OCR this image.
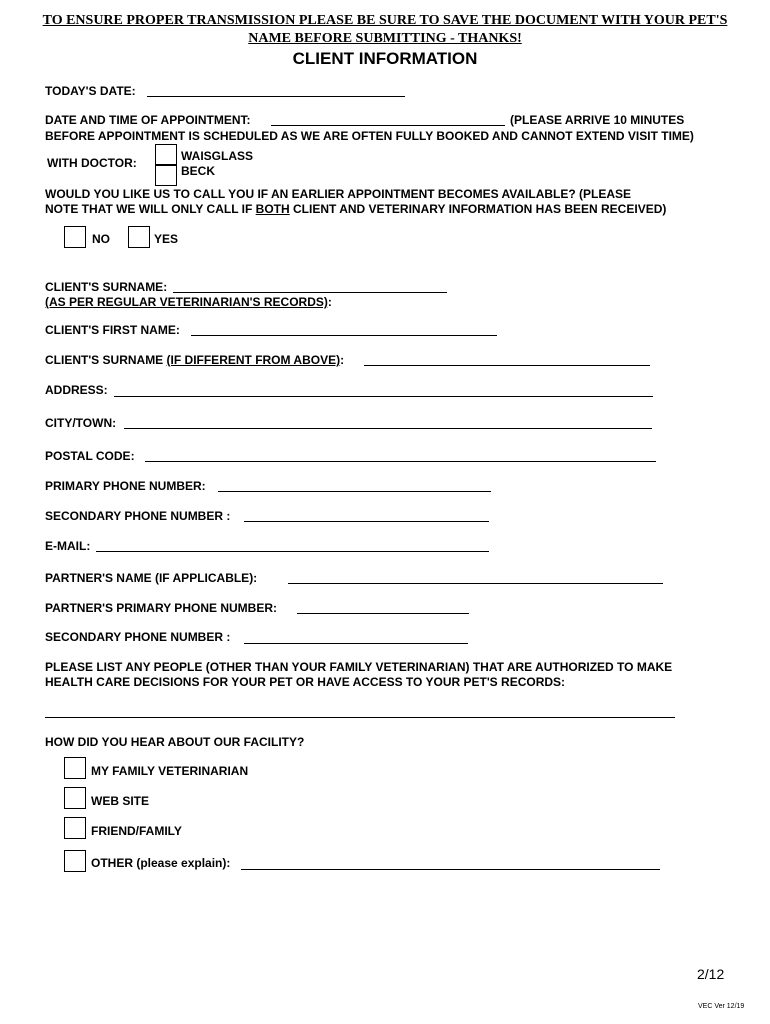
TO ENSURE PROPER TRANSMISSION PLEASE BE SURE TO SAVE THE DOCUMENT WITH YOUR PET'S
NAME BEFORE SUBMITTING - THANKS!
CLIENT INFORMATION
TODAY'S DATE:
DATE AND TIME OF APPOINTMENT:	(PLEASE ARRIVE 10 MINUTES
BEFORE APPOINTMENT IS SCHEDULED AS WE ARE OFTEN FULLY BOOKED AND CANNOT EXTEND VISIT TIME)
WITH DOCTOR:	WAISGLASS
BECK
WOULD YOU LIKE US TO CALL YOU IF AN EARLIER APPOINTMENT BECOMES AVAILABLE? (PLEASE
NOTE THAT WE WILL ONLY CALL IF BOTH CLIENT AND VETERINARY INFORMATION HAS BEEN RECEIVED)
NO	YES
CLIENT'S SURNAME:
(AS PER REGULAR VETERINARIAN'S RECORDS):
CLIENT'S FIRST NAME:
CLIENT'S SURNAME (IF DIFFERENT FROM ABOVE):
ADDRESS:
CITY/TOWN:
POSTAL CODE:
PRIMARY PHONE NUMBER:
SECONDARY PHONE NUMBER :
E-MAIL:
PARTNER'S NAME (IF APPLICABLE):
PARTNER'S PRIMARY PHONE NUMBER:
SECONDARY PHONE NUMBER :
PLEASE LIST ANY PEOPLE (OTHER THAN YOUR FAMILY VETERINARIAN) THAT ARE AUTHORIZED TO MAKE
HEALTH CARE DECISIONS FOR YOUR PET OR HAVE ACCESS TO YOUR PET'S RECORDS:
HOW DID YOU HEAR ABOUT OUR FACILITY?
MY FAMILY VETERINARIAN
WEB SITE
FRIEND/FAMILY
OTHER (please explain):
2/12
VEC Ver 12/19
